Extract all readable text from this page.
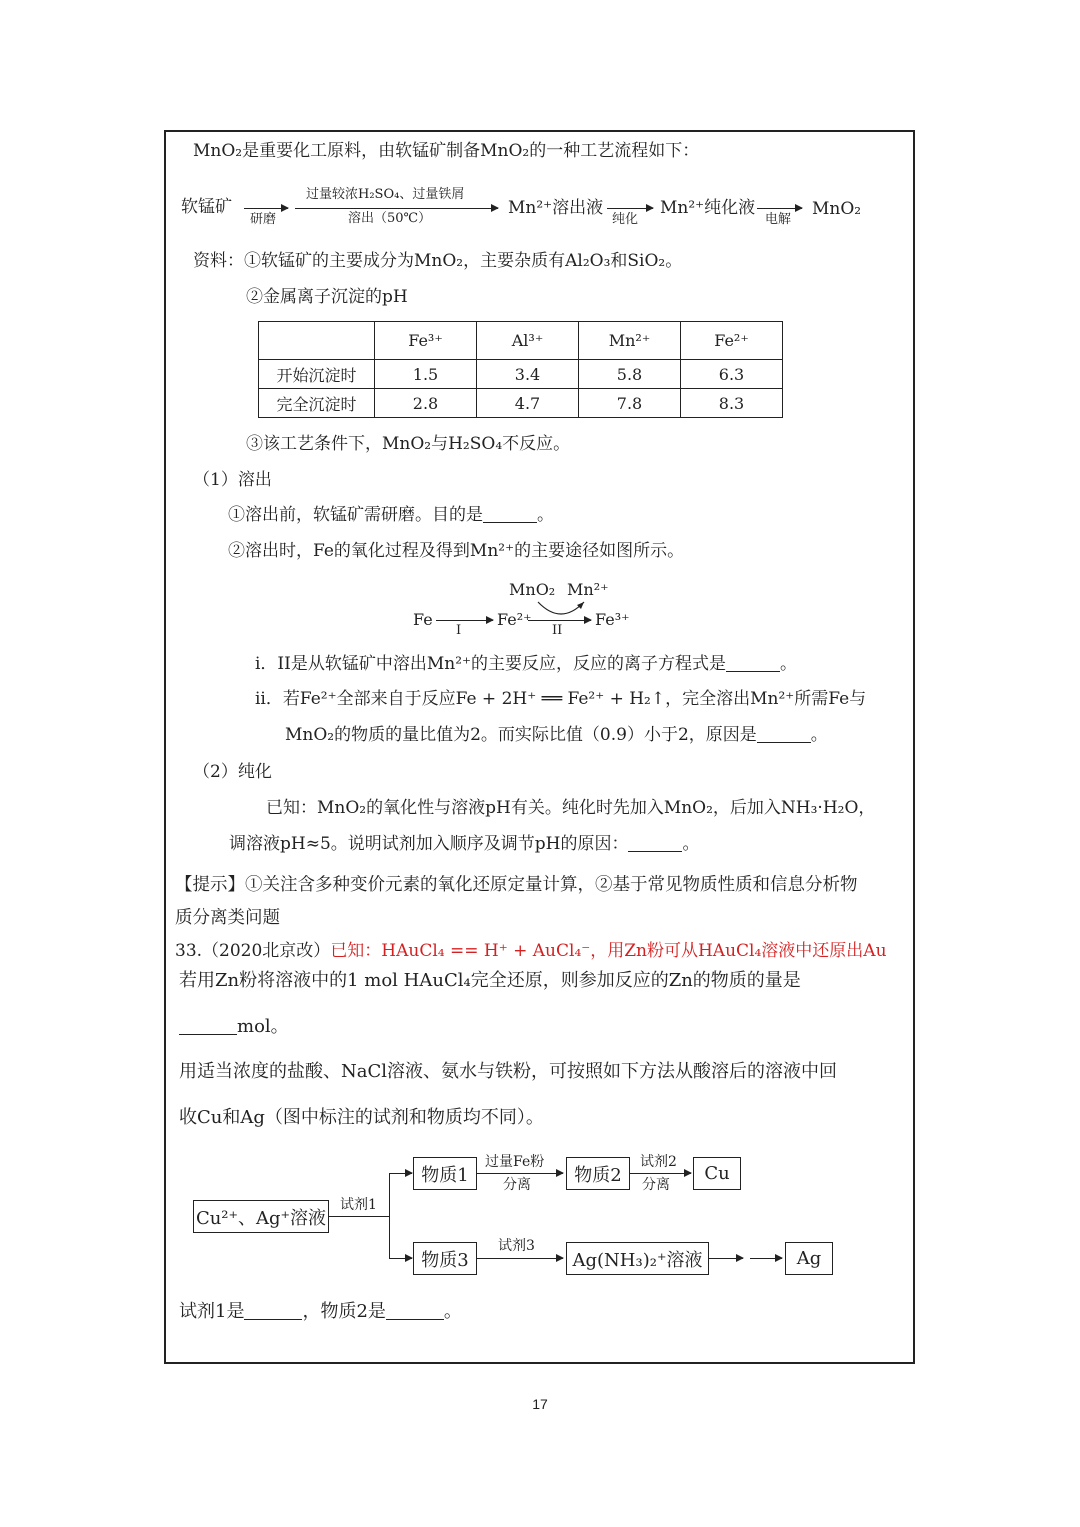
MnO₂是重要化工原料，由软锰矿制备MnO₂的一种工艺流程如下：
软锰矿
研磨
过量较浓H₂SO₄、过量铁屑
溶出（50℃）
Mn²⁺溶出液
纯化
Mn²⁺纯化液
电解
MnO₂
资料：①软锰矿的主要成分为MnO₂，主要杂质有Al₂O₃和SiO₂。
②金属离子沉淀的pH
	Fe³⁺	Al³⁺	Mn²⁺	Fe²⁺
开始沉淀时	1.5	3.4	5.8	6.3
完全沉淀时	2.8	4.7	7.8	8.3
③该工艺条件下，MnO₂与H₂SO₄不反应。
（1）溶出
①溶出前，软锰矿需研磨。目的是	。
②溶出时，Fe的氧化过程及得到Mn²⁺的主要途径如图所示。
MnO₂ Mn²⁺
Fe
I
Fe²⁺
II
Fe³⁺
i．II是从软锰矿中溶出Mn²⁺的主要反应，反应的离子方程式是	。
ii．若Fe²⁺全部来自于反应Fe + 2H⁺ ══ Fe²⁺ + H₂↑，完全溶出Mn²⁺所需Fe与
MnO₂的物质的量比值为2。而实际比值（0.9）小于2，原因是	。
（2）纯化
已知：MnO₂的氧化性与溶液pH有关。纯化时先加入MnO₂，后加入NH₃·H₂O，
调溶液pH≈5。说明试剂加入顺序及调节pH的原因：	。
【提示】①关注含多种变价元素的氧化还原定量计算，②基于常见物质性质和信息分析物
质分离类问题
33.（2020北京改）已知：HAuCl₄ == H⁺ + AuCl₄⁻，用Zn粉可从HAuCl₄溶液中还原出Au
若用Zn粉将溶液中的1 mol HAuCl₄完全还原，则参加反应的Zn的物质的量是
mol。
用适当浓度的盐酸、NaCl溶液、氨水与铁粉，可按照如下方法从酸溶后的溶液中回
收Cu和Ag（图中标注的试剂和物质均不同）。
Cu²⁺、Ag⁺溶液
试剂1
物质1
过量Fe粉
分离	物质2
试剂2
分离
Cu
物质3
试剂3
Ag(NH₃)₂⁺溶液	Ag
试剂1是	，物质2是	。
17
